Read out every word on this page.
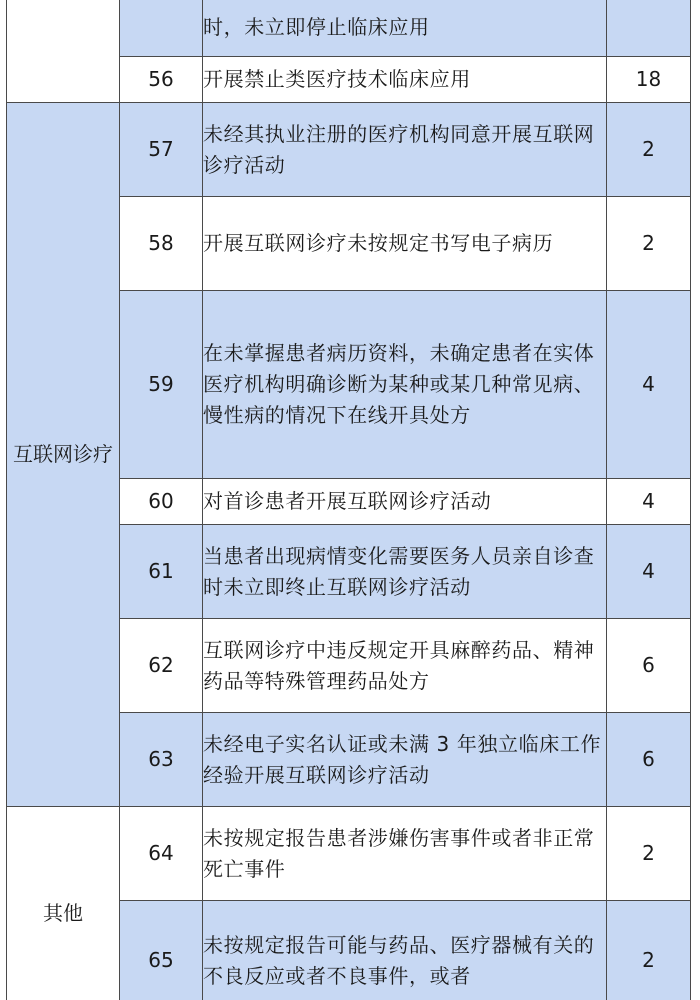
		时，未立即停止临床应用	
	56	开展禁止类医疗技术临床应用	18
互联网诊疗	57	未经其执业注册的医疗机构同意开展互联网诊疗活动	2
	58	开展互联网诊疗未按规定书写电子病历	2
	59	在未掌握患者病历资料，未确定患者在实体医疗机构明确诊断为某种或某几种常见病、慢性病的情况下在线开具处方	4
	60	对首诊患者开展互联网诊疗活动	4
	61	当患者出现病情变化需要医务人员亲自诊查时未立即终止互联网诊疗活动	4
	62	互联网诊疗中违反规定开具麻醉药品、精神药品等特殊管理药品处方	6
	63	未经电子实名认证或未满 3 年独立临床工作经验开展互联网诊疗活动	6
其他	64	未按规定报告患者涉嫌伤害事件或者非正常死亡事件	2
	65	未按规定报告可能与药品、医疗器械有关的不良反应或者不良事件，或者	2
